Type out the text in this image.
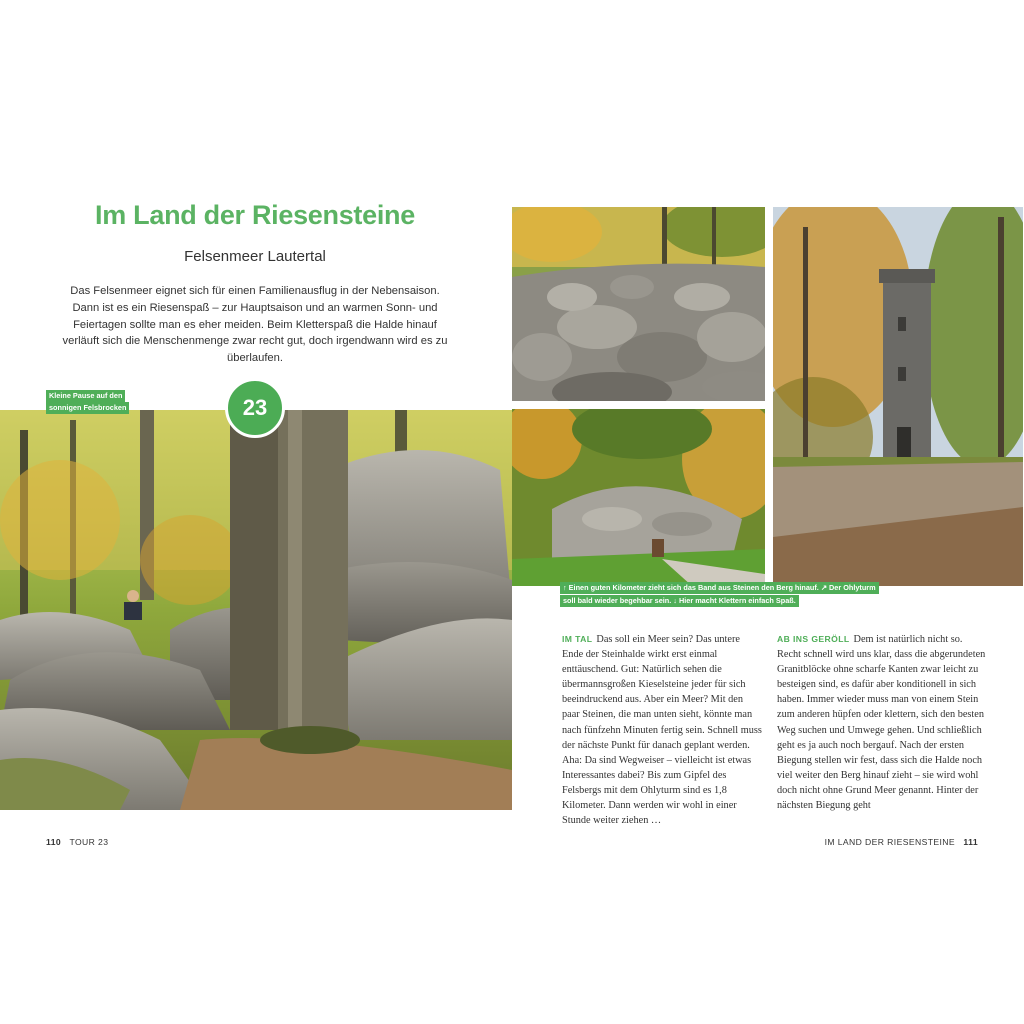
Im Land der Riesensteine
Felsenmeer Lautertal
Das Felsenmeer eignet sich für einen Familienausflug in der Nebensaison. Dann ist es ein Riesenspaß – zur Hauptsaison und an warmen Sonn- und Feiertagen sollte man es eher meiden. Beim Kletterspaß die Halde hinauf verläuft sich die Menschenmenge zwar recht gut, doch irgendwann wird es zu überlaufen.
23
Kleine Pause auf den
sonnigen Felsbrocken
↑ Einen guten Kilometer zieht sich das Band aus Steinen den Berg hinauf. ↗ Der Ohlyturm
soll bald wieder begehbar sein. ↓ Hier macht Klettern einfach Spaß.
IM TAL Das soll ein Meer sein? Das untere Ende der Steinhalde wirkt erst einmal enttäuschend. Gut: Natürlich sehen die übermannsgroßen Kieselsteine jeder für sich beeindruckend aus. Aber ein Meer? Mit den paar Steinen, die man unten sieht, könnte man nach fünfzehn Minuten fertig sein. Schnell muss der nächste Punkt für danach geplant werden. Aha: Da sind Wegweiser – vielleicht ist etwas Interessantes dabei? Bis zum Gipfel des Felsbergs mit dem Ohlyturm sind es 1,8 Kilometer. Dann werden wir wohl in einer Stunde weiter ziehen …
AB INS GERÖLL Dem ist natürlich nicht so. Recht schnell wird uns klar, dass die abgerundeten Granitblöcke ohne scharfe Kanten zwar leicht zu besteigen sind, es dafür aber konditionell in sich haben. Immer wieder muss man von einem Stein zum anderen hüpfen oder klettern, sich den besten Weg suchen und Umwege gehen. Und schließlich geht es ja auch noch bergauf. Nach der ersten Biegung stellen wir fest, dass sich die Halde noch viel weiter den Berg hinauf zieht – sie wird wohl doch nicht ohne Grund Meer genannt. Hinter der nächsten Biegung geht
110 TOUR 23	IM LAND DER RIESENSTEINE 111
